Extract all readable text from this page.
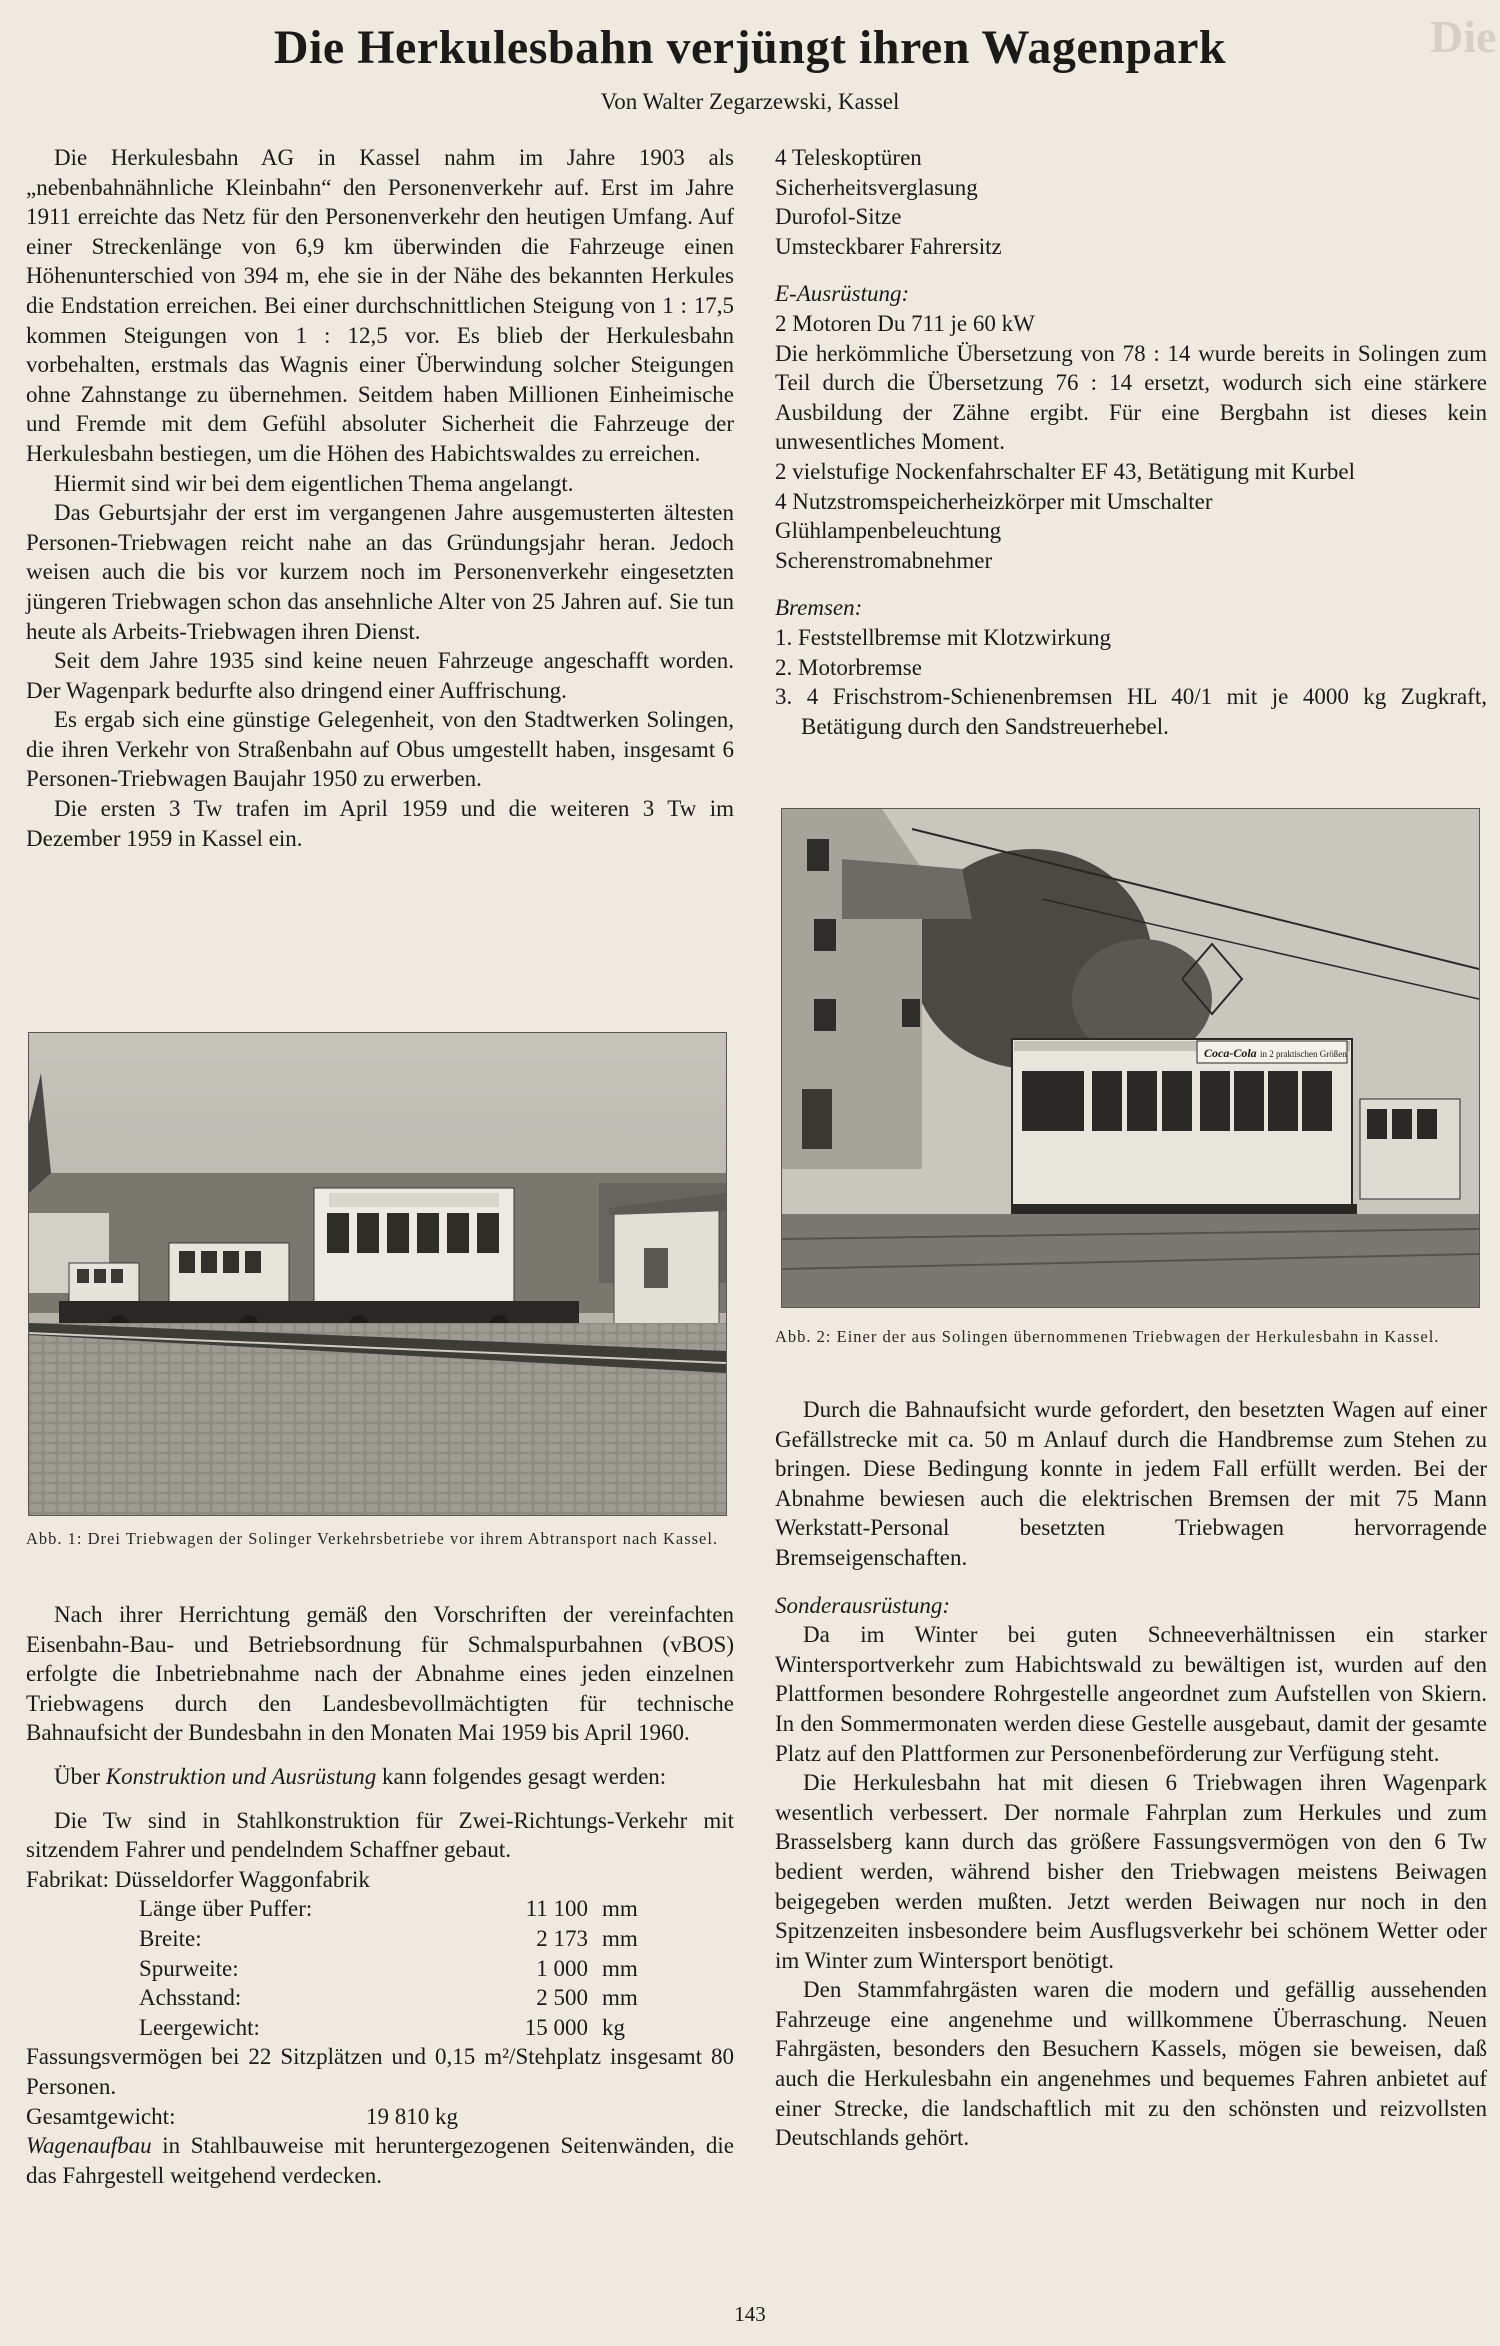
Die
Die Herkulesbahn verjüngt ihren Wagenpark
Von Walter Zegarzewski, Kassel

Die Herkulesbahn AG in Kassel nahm im Jahre 1903 als „nebenbahnähnliche Kleinbahn“ den Personenverkehr auf. Erst im Jahre 1911 erreichte das Netz für den Personenverkehr den heutigen Umfang. Auf einer Streckenlänge von 6,9 km überwinden die Fahrzeuge einen Höhenunterschied von 394 m, ehe sie in der Nähe des bekannten Herkules die Endstation erreichen. Bei einer durchschnittlichen Steigung von 1 : 17,5 kommen Steigungen von 1 : 12,5 vor. Es blieb der Herkulesbahn vorbehalten, erstmals das Wagnis einer Überwindung solcher Steigungen ohne Zahnstange zu übernehmen. Seitdem haben Millionen Einheimische und Fremde mit dem Gefühl absoluter Sicherheit die Fahrzeuge der Herkulesbahn bestiegen, um die Höhen des Habichtswaldes zu erreichen.

Hiermit sind wir bei dem eigentlichen Thema angelangt.

Das Geburtsjahr der erst im vergangenen Jahre ausgemusterten ältesten Personen-Triebwagen reicht nahe an das Gründungsjahr heran. Jedoch weisen auch die bis vor kurzem noch im Personenverkehr eingesetzten jüngeren Triebwagen schon das ansehnliche Alter von 25 Jahren auf. Sie tun heute als Arbeits-Triebwagen ihren Dienst.

Seit dem Jahre 1935 sind keine neuen Fahrzeuge angeschafft worden. Der Wagenpark bedurfte also dringend einer Auffrischung.

Es ergab sich eine günstige Gelegenheit, von den Stadtwerken Solingen, die ihren Verkehr von Straßenbahn auf Obus umgestellt haben, insgesamt 6 Personen-Triebwagen Baujahr 1950 zu erwerben.

Die ersten 3 Tw trafen im April 1959 und die weiteren 3 Tw im Dezember 1959 in Kassel ein.

Abb. 1: Drei Triebwagen der Solinger Verkehrsbetriebe vor ihrem Abtransport nach Kassel.

Nach ihrer Herrichtung gemäß den Vorschriften der vereinfachten Eisenbahn-Bau- und Betriebsordnung für Schmalspurbahnen (vBOS) erfolgte die Inbetriebnahme nach der Abnahme eines jeden einzelnen Triebwagens durch den Landesbevollmächtigten für technische Bahnaufsicht der Bundesbahn in den Monaten Mai 1959 bis April 1960.

Über Konstruktion und Ausrüstung kann folgendes gesagt werden:

Die Tw sind in Stahlkonstruktion für Zwei-Richtungs-Verkehr mit sitzendem Fahrer und pendelndem Schaffner gebaut.

Fabrikat: Düsseldorfer Waggonfabrik

Länge über Puffer:	11 100 mm
Breite:	2 173 mm
Spurweite:	1 000 mm
Achsstand:	2 500 mm
Leergewicht:	15 000 kg

Fassungsvermögen bei 22 Sitzplätzen und 0,15 m²/Stehplatz insgesamt 80 Personen.

Gesamtgewicht:	19 810 kg

Wagenaufbau in Stahlbauweise mit heruntergezogenen Seitenwänden, die das Fahrgestell weitgehend verdecken.

4 Teleskoptüren

Sicherheitsverglasung

Durofol-Sitze

Umsteckbarer Fahrersitz

E-Ausrüstung:

2 Motoren Du 711 je 60 kW

Die herkömmliche Übersetzung von 78 : 14 wurde bereits in Solingen zum Teil durch die Übersetzung 76 : 14 ersetzt, wodurch sich eine stärkere Ausbildung der Zähne ergibt. Für eine Bergbahn ist dieses kein unwesentliches Moment.

2 vielstufige Nockenfahrschalter EF 43, Betätigung mit Kurbel

4 Nutzstromspeicherheizkörper mit Umschalter

Glühlampenbeleuchtung

Scherenstromabnehmer

Bremsen:

1. Feststellbremse mit Klotzwirkung

2. Motorbremse

3. 4 Frischstrom-Schienenbremsen HL 40/1 mit je 4000 kg Zugkraft, Betätigung durch den Sandstreuerhebel.

Coca-Cola in 2 praktischen Größen
Abb. 2: Einer der aus Solingen übernommenen Triebwagen der Herkulesbahn in Kassel.

Durch die Bahnaufsicht wurde gefordert, den besetzten Wagen auf einer Gefällstrecke mit ca. 50 m Anlauf durch die Handbremse zum Stehen zu bringen. Diese Bedingung konnte in jedem Fall erfüllt werden. Bei der Abnahme bewiesen auch die elektrischen Bremsen der mit 75 Mann Werkstatt-Personal besetzten Triebwagen hervorragende Bremseigenschaften.

Sonderausrüstung:

Da im Winter bei guten Schneeverhältnissen ein starker Wintersportverkehr zum Habichtswald zu bewältigen ist, wurden auf den Plattformen besondere Rohrgestelle angeordnet zum Aufstellen von Skiern. In den Sommermonaten werden diese Gestelle ausgebaut, damit der gesamte Platz auf den Plattformen zur Personenbeförderung zur Verfügung steht.

Die Herkulesbahn hat mit diesen 6 Triebwagen ihren Wagenpark wesentlich verbessert. Der normale Fahrplan zum Herkules und zum Brasselsberg kann durch das größere Fassungsvermögen von den 6 Tw bedient werden, während bisher den Triebwagen meistens Beiwagen beigegeben werden mußten. Jetzt werden Beiwagen nur noch in den Spitzenzeiten insbesondere beim Ausflugsverkehr bei schönem Wetter oder im Winter zum Wintersport benötigt.

Den Stammfahrgästen waren die modern und gefällig aussehenden Fahrzeuge eine angenehme und willkommene Überraschung. Neuen Fahrgästen, besonders den Besuchern Kassels, mögen sie beweisen, daß auch die Herkulesbahn ein angenehmes und bequemes Fahren anbietet auf einer Strecke, die landschaftlich mit zu den schönsten und reizvollsten Deutschlands gehört.

143
